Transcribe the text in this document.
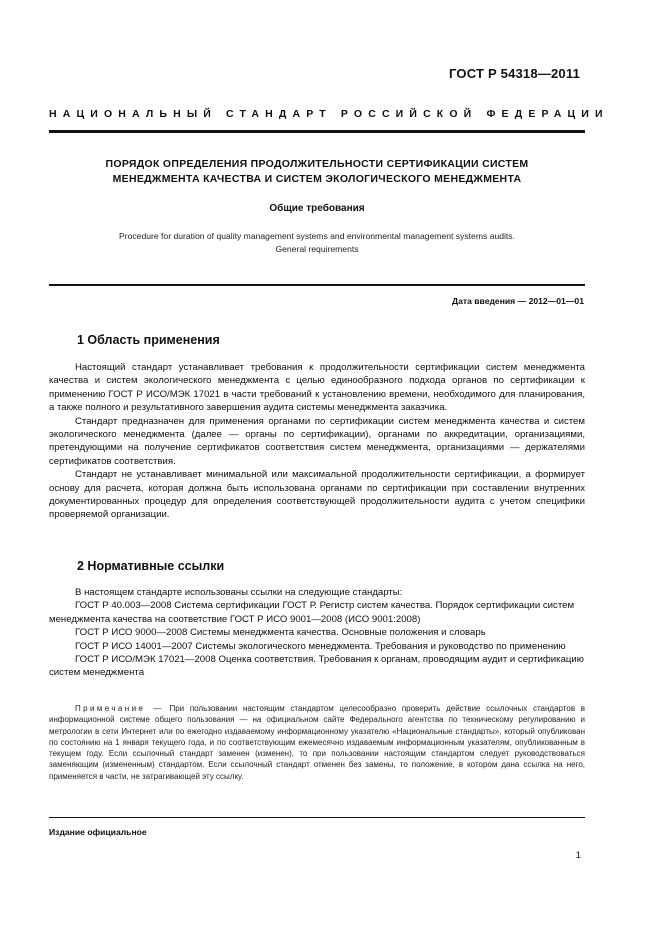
ГОСТ Р 54318—2011
НАЦИОНАЛЬНЫЙ СТАНДАРТ РОССИЙСКОЙ ФЕДЕРАЦИИ
ПОРЯДОК ОПРЕДЕЛЕНИЯ ПРОДОЛЖИТЕЛЬНОСТИ СЕРТИФИКАЦИИ СИСТЕМ
МЕНЕДЖМЕНТА КАЧЕСТВА И СИСТЕМ ЭКОЛОГИЧЕСКОГО МЕНЕДЖМЕНТА
Общие требования
Procedure for duration of quality management systems and environmental management systems audits.
General requirements
Дата введения — 2012—01—01
1 Область применения

Настоящий стандарт устанавливает требования к продолжительности сертификации систем менеджмента качества и систем экологического менеджмента с целью единообразного подхода органов по сертификации к применению ГОСТ Р ИСО/МЭК 17021 в части требований к установлению времени, необходимого для планирования, а также полного и результативного завершения аудита системы менеджмента заказчика.

Стандарт предназначен для применения органами по сертификации систем менеджмента качества и систем экологического менеджмента (далее — органы по сертификации), органами по аккредитации, организациями, претендующими на получение сертификатов соответствия систем менеджмента, организациями — держателями сертификатов соответствия.

Стандарт не устанавливает минимальной или максимальной продолжительности сертификации, а формирует основу для расчета, которая должна быть использована органами по сертификации при составлении внутренних документированных процедур для определения соответствующей продолжительности аудита с учетом специфики проверяемой организации.

2 Нормативные ссылки

В настоящем стандарте использованы ссылки на следующие стандарты:

ГОСТ Р 40.003—2008 Система сертификации ГОСТ Р. Регистр систем качества. Порядок сертификации систем менеджмента качества на соответствие ГОСТ Р ИСО 9001—2008 (ИСО 9001:2008)

ГОСТ Р ИСО 9000—2008 Системы менеджмента качества. Основные положения и словарь

ГОСТ Р ИСО 14001—2007 Системы экологического менеджмента. Требования и руководство по применению

ГОСТ Р ИСО/МЭК 17021—2008 Оценка соответствия. Требования к органам, проводящим аудит и сертификацию систем менеджмента

Примечание — При пользовании настоящим стандартом целесообразно проверить действие ссылочных стандартов в информационной системе общего пользования — на официальном сайте Федерального агентства по техническому регулированию и метрологии в сети Интернет или по ежегодно издаваемому информационному указателю «Национальные стандарты», который опубликован по состоянию на 1 января текущего года, и по соответствующим ежемесячно издаваемым информационным указателям, опубликованным в текущем году. Если ссылочный стандарт заменен (изменен), то при пользовании настоящим стандартом следует руководствоваться заменяющим (измененным) стандартом. Если ссылочный стандарт отменен без замены, то положение, в котором дана ссылка на него, применяется в части, не затрагивающей эту ссылку.
Издание официальное
1
